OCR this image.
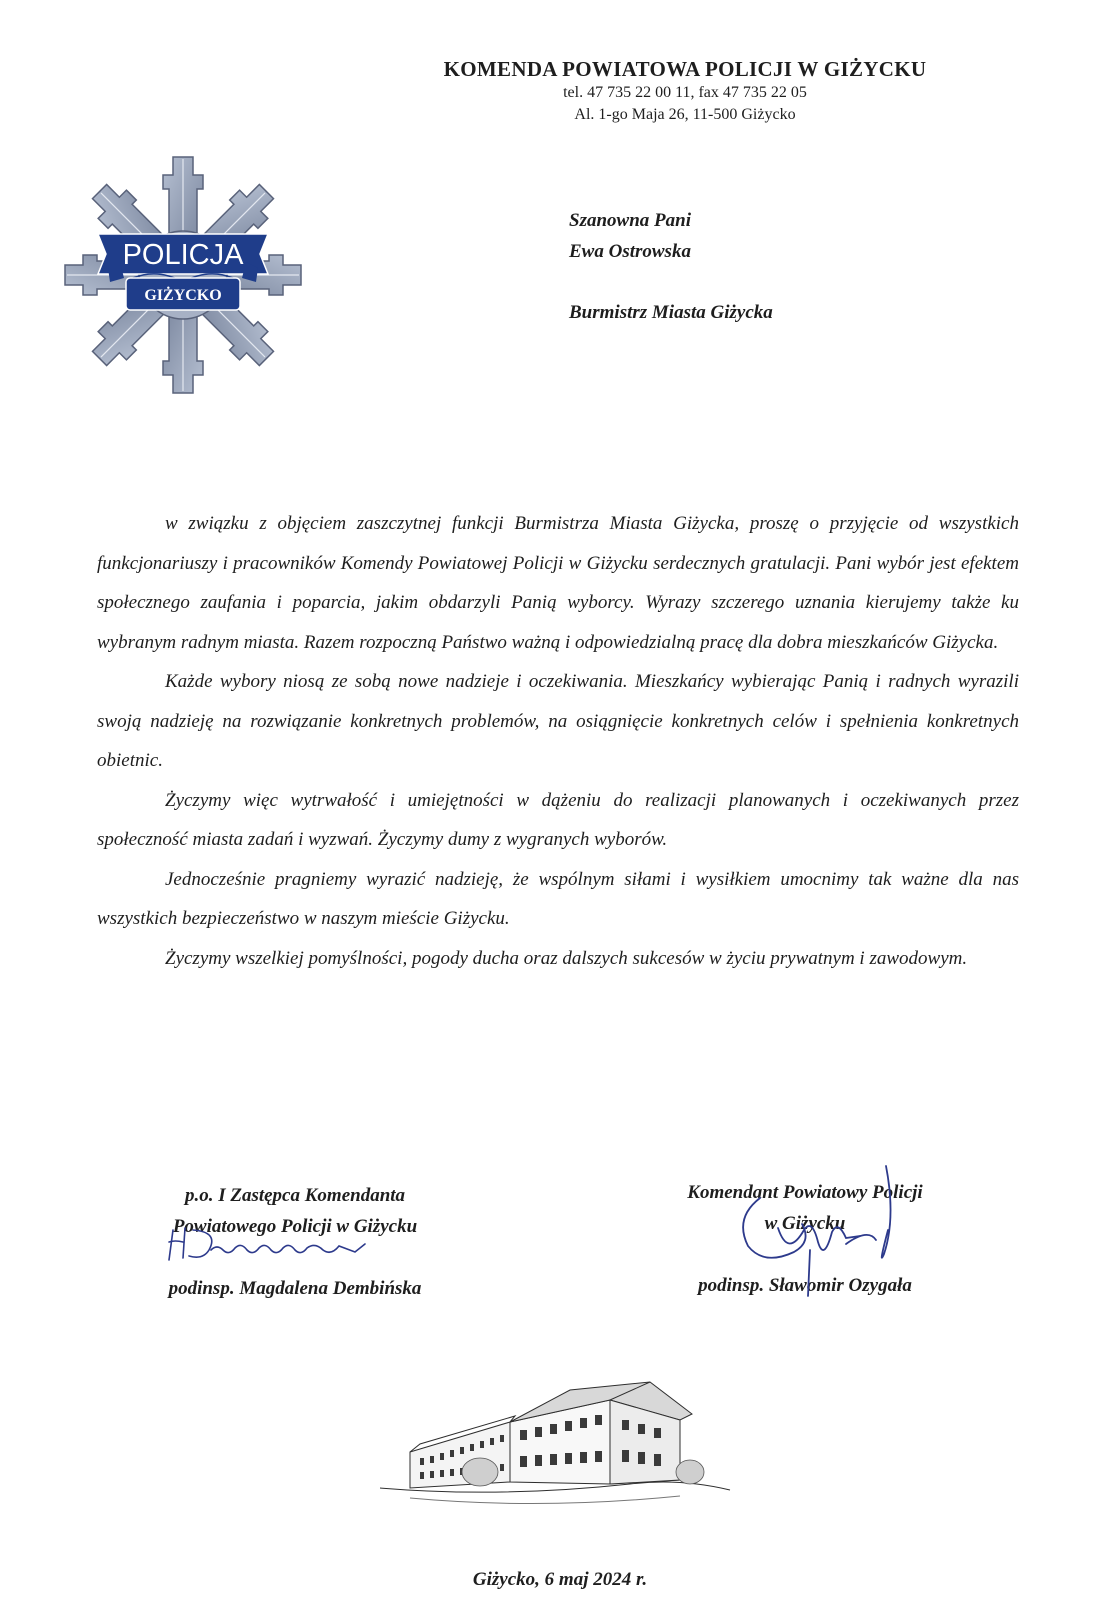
KOMENDA POWIATOWA POLICJI W GIŻYCKU
tel. 47 735 22 00 11, fax 47 735 22 05
Al. 1-go Maja 26, 11-500 Giżycko
POLICJA
GIŻYCKO
Szanowna Pani
Ewa Ostrowska
Burmistrz Miasta Giżycka

w związku z objęciem zaszczytnej funkcji Burmistrza Miasta Giżycka, proszę o przyjęcie od wszystkich funkcjonariuszy i pracowników Komendy Powiatowej Policji w Giżycku serdecznych gratulacji. Pani wybór jest efektem społecznego zaufania i poparcia, jakim obdarzyli Panią wyborcy. Wyrazy szczerego uznania kierujemy także ku wybranym radnym miasta. Razem rozpoczną Państwo ważną i odpowiedzialną pracę dla dobra mieszkańców Giżycka.

Każde wybory niosą ze sobą nowe nadzieje i oczekiwania. Mieszkańcy wybierając Panią i radnych wyrazili swoją nadzieję na rozwiązanie konkretnych problemów, na osiągnięcie konkretnych celów i spełnienia konkretnych obietnic.

Życzymy więc wytrwałość i umiejętności w dążeniu do realizacji planowanych i oczekiwanych przez społeczność miasta zadań i wyzwań. Życzymy dumy z wygranych wyborów.

Jednocześnie pragniemy wyrazić nadzieję, że wspólnym siłami i wysiłkiem umocnimy tak ważne dla nas wszystkich bezpieczeństwo w naszym mieście Giżycku.

Życzymy wszelkiej pomyślności, pogody ducha oraz dalszych sukcesów w życiu prywatnym i zawodowym.

p.o. I Zastępca Komendanta
Powiatowego Policji w Giżycku
podinsp. Magdalena Dembińska
Komendant Powiatowy Policji
w Giżycku
podinsp. Sławomir Ozygała
Giżycko, 6 maj 2024 r.
